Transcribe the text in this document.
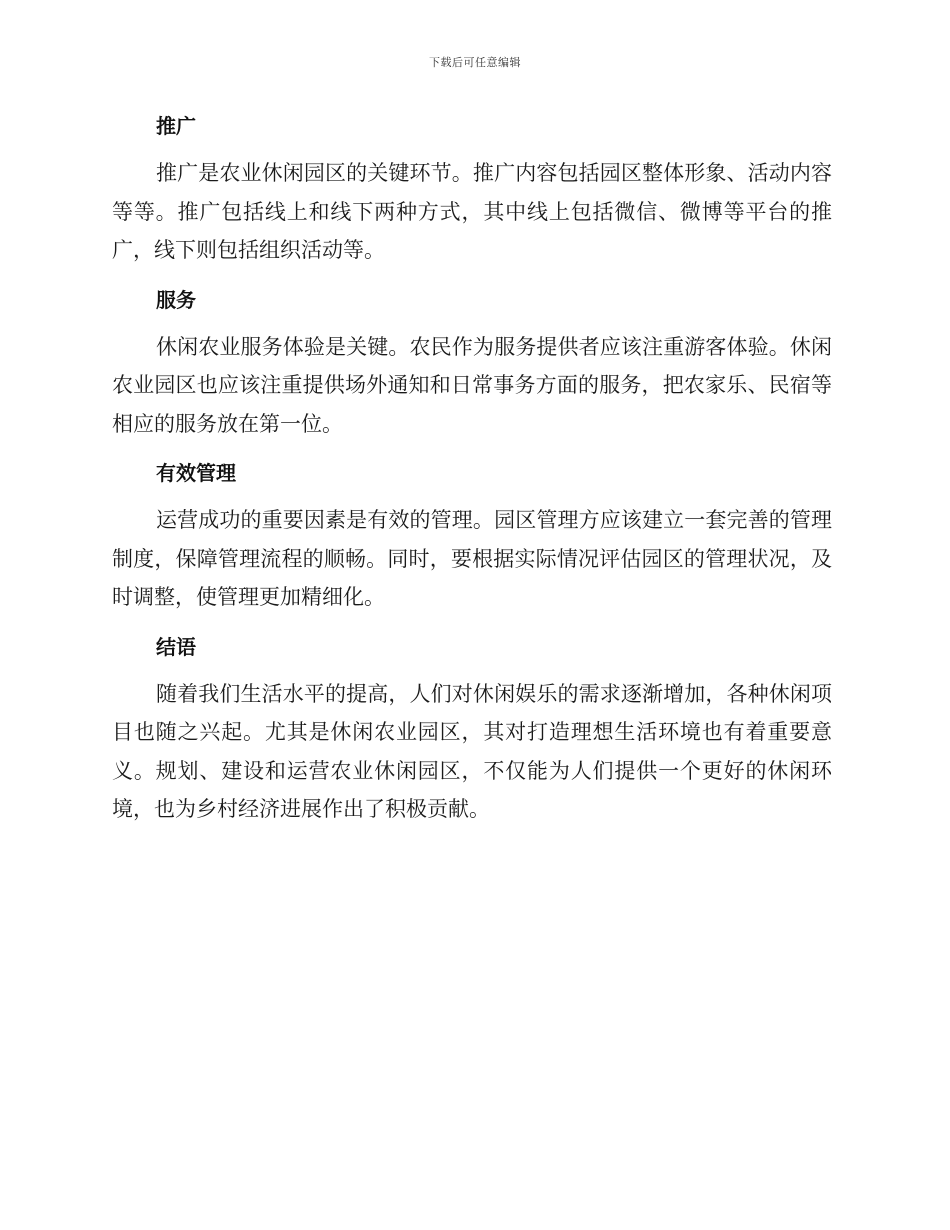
下载后可任意编辑
推广

推广是农业休闲园区的关键环节。推广内容包括园区整体形象、活动内容等等。推广包括线上和线下两种方式，其中线上包括微信、微博等平台的推广，线下则包括组织活动等。

服务

休闲农业服务体验是关键。农民作为服务提供者应该注重游客体验。休闲农业园区也应该注重提供场外通知和日常事务方面的服务，把农家乐、民宿等相应的服务放在第一位。

有效管理

运营成功的重要因素是有效的管理。园区管理方应该建立一套完善的管理制度，保障管理流程的顺畅。同时，要根据实际情况评估园区的管理状况，及时调整，使管理更加精细化。

结语

随着我们生活水平的提高，人们对休闲娱乐的需求逐渐增加，各种休闲项目也随之兴起。尤其是休闲农业园区，其对打造理想生活环境也有着重要意义。规划、建设和运营农业休闲园区，不仅能为人们提供一个更好的休闲环境，也为乡村经济进展作出了积极贡献。
